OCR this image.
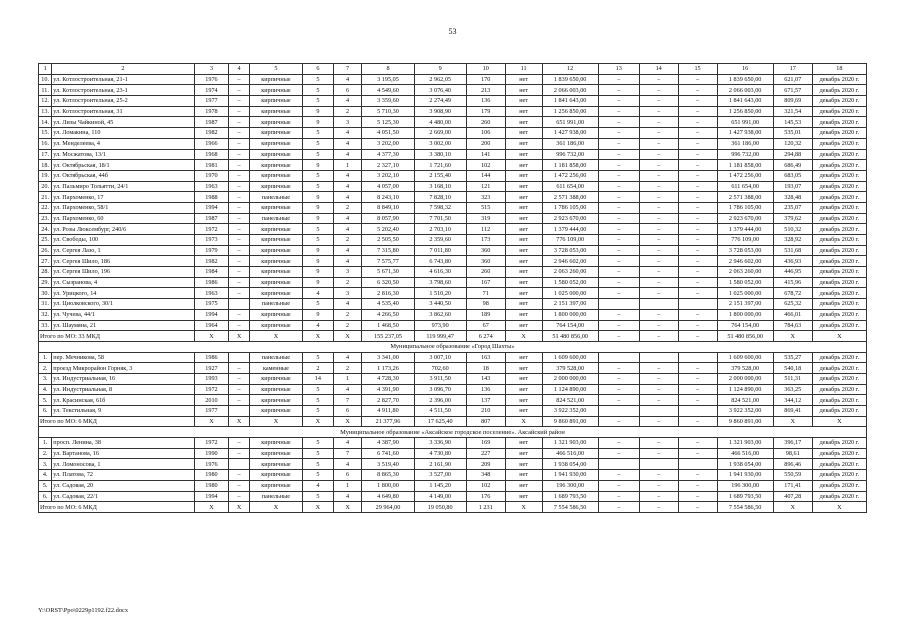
53
1	2	3	4	5	6	7	8	9	10	11	12	13	14	15	16	17	18
10.	ул. Котлостроительная, 21-1	1976	–	кирпичные	5	4	3 195,05	2 962,05	170	нет	1 839 650,00	–	–	–	1 839 650,00	621,07	декабрь 2020 г.
11.	ул. Котлостроительная, 23-1	1974	–	кирпичные	5	6	4 549,60	3 076,40	213	нет	2 066 003,00	–	–	–	2 066 003,00	671,57	декабрь 2020 г.
12.	ул. Котлостроительная, 25-2	1977	–	кирпичные	5	4	3 359,60	2 274,49	136	нет	1 841 643,00	–	–	–	1 841 643,00	809,69	декабрь 2020 г.
13.	ул. Котлостроительная, 31	1978	–	кирпичные	9	2	5 710,30	3 908,90	179	нет	1 256 850,00	–	–	–	1 256 850,00	321,54	декабрь 2020 г.
14.	ул. Лизы Чайкиной, 45	1987	–	кирпичные	9	3	5 125,30	4 480,00	260	нет	651 991,00	–	–	–	651 991,00	145,53	декабрь 2020 г.
15.	ул. Ломакина, 110	1982	–	кирпичные	5	4	4 051,50	2 669,00	106	нет	1 427 938,00	–	–	–	1 427 938,00	535,01	декабрь 2020 г.
16.	ул. Менделеева, 4	1966	–	кирпичные	5	4	3 202,00	3 002,00	200	нет	361 186,00	–	–	–	361 186,00	120,32	декабрь 2020 г.
17.	ул. Мосжатова, 13/1	1968	–	кирпичные	5	4	4 377,30	3 380,10	141	нет	996 732,00	–	–	–	996 732,00	294,88	декабрь 2020 г.
18.	ул. Октябрьская, 18/1	1981	–	кирпичные	9	1	2 327,10	1 721,60	102	нет	1 181 858,00	–	–	–	1 181 858,00	686,49	декабрь 2020 г.
19.	ул. Октябрьская, 44б	1970	–	кирпичные	5	4	3 202,10	2 155,40	144	нет	1 472 256,00	–	–	–	1 472 256,00	683,05	декабрь 2020 г.
20.	ул. Пальмиро Тольятти, 24/1	1963	–	кирпичные	5	4	4 057,00	3 168,10	121	нет	611 654,00	–	–	–	611 654,00	193,07	декабрь 2020 г.
21.	ул. Пархоменко, 17	1988	–	панельные	9	4	8 243,10	7 828,10	323	нет	2 571 388,00	–	–	–	2 571 388,00	328,48	декабрь 2020 г.
22.	ул. Пархоменко, 58/1	1994	–	кирпичные	9	2	8 849,10	7 598,32	515	нет	1 786 105,00	–	–	–	1 786 105,00	235,07	декабрь 2020 г.
23.	ул. Пархоменко, 60	1987	–	панельные	9	4	8 057,90	7 701,50	319	нет	2 923 670,00	–	–	–	2 923 670,00	379,62	декабрь 2020 г.
24.	ул. Розы Люксембург, 240/6	1972	–	кирпичные	5	4	5 202,40	2 703,10	112	нет	1 379 444,00	–	–	–	1 379 444,00	510,32	декабрь 2020 г.
25.	ул. Свободы, 100	1973	–	кирпичные	5	2	2 505,50	2 359,60	173	нет	776 109,00	–	–	–	776 109,00	328,92	декабрь 2020 г.
26.	ул. Сергея Лазо, 1	1979	–	кирпичные	9	4	7 315,80	7 011,80	360	нет	3 728 053,00	–	–	–	3 728 053,00	531,68	декабрь 2020 г.
27.	ул. Сергея Шило, 186	1982	–	кирпичные	9	4	7 575,77	6 743,80	360	нет	2 946 602,00	–	–	–	2 946 602,00	436,93	декабрь 2020 г.
28.	ул. Сергея Шило, 196	1984	–	кирпичные	9	3	5 671,30	4 616,30	260	нет	2 063 260,00	–	–	–	2 063 260,00	446,95	декабрь 2020 г.
29.	ул. Сызранова, 4	1986	–	кирпичные	9	2	6 320,50	3 798,60	167	нет	1 580 052,00	–	–	–	1 580 052,00	415,96	декабрь 2020 г.
30.	ул. Урицкого, 14	1963	–	кирпичные	4	3	2 816,30	1 510,20	71	нет	1 025 000,00	–	–	–	1 025 000,00	678,72	декабрь 2020 г.
31.	ул. Циолковского, 30/1	1975		панельные	5	4	4 535,40	3 440,50	98	нет	2 151 397,00				2 151 397,00	625,32	декабрь 2020 г.
32.	ул. Чучева, 44/1	1994	–	кирпичные	9	2	4 266,50	3 862,60	189	нет	1 800 000,00	–	–	–	1 800 000,00	466,01	декабрь 2020 г.
33.	ул. Шаумяна, 21	1964	–	кирпичные	4	2	1 468,50	973,90	67	нет	764 154,00	–	–	–	764 154,00	784,63	декабрь 2020 г.
Итого по МО: 33 МКД		X	X	X	X	X	155 237,05	119 999,47	6 274	X	51 480 856,00	–	–	–	51 480 856,00	X	X
Муниципальное образование «Город Шахты»																	
1.	пер. Мечникова, 58	1986		панельные	5	4	3 341,00	3 007,10	163	нет	1 609 600,00				1 609 600,00	535,27	декабрь 2020 г.
2.	проезд Микрорайон Горняк, 3	1927	–	каменные	2	2	1 173,26	702,60	18	нет	379 528,00	–	–	–	379 528,00	540,18	декабрь 2020 г.
3.	ул. Индустриальная, 16	1993	–	кирпичные	14	1	4 728,30	3 911,50	143	нет	2 000 000,00	–	–	–	2 000 000,00	511,31	декабрь 2020 г.
4.	ул. Индустриальная, 8	1972	–	кирпичные	5	4	4 391,90	3 096,70	136	нет	1 124 890,00	–	–	–	1 124 890,00	363,25	декабрь 2020 г.
5.	ул. Красинская, 61б	2010	–	кирпичные	5	7	2 827,70	2 396,00	137	нет	824 521,00	–	–	–	824 521,00	344,12	декабрь 2020 г.
6.	ул. Текстильная, 9	1977		кирпичные	5	6	4 911,80	4 511,50	210	нет	3 922 352,00				3 922 352,00	869,41	декабрь 2020 г.
Итого по МО: 6 МКД		X	X	X	X	X	21 377,96	17 625,40	807	X	9 860 891,00	–	–	–	9 860 891,00	X	X
Муниципальное образование «Аксайское городское поселение». Аксайский район																	
1.	просп. Ленина, 38	1972	–	кирпичные	5	4	4 387,90	3 336,90	169	нет	1 321 903,00	–	–	–	1 321 903,00	396,17	декабрь 2020 г.
2.	ул. Вартанова, 16	1990	–	кирпичные	5	7	6 741,60	4 730,80	227	нет	466 516,00	–	–	–	466 516,00	98,61	декабрь 2020 г.
3.	ул. Ломоносова, 1	1976		кирпичные	5	4	3 519,40	2 161,90	209	нет	1 938 054,00				1 938 054,00	896,46	декабрь 2020 г.
4.	ул. Платова, 72	1980	–	кирпичные	5	6	8 865,30	3 527,00	348	нет	1 941 930,00	–	–	–	1 941 930,00	550,59	декабрь 2020 г.
5.	ул. Садовая, 20	1980	–	кирпичные	4	1	1 800,00	1 145,20	102	нет	196 300,00	–	–	–	196 300,00	171,41	декабрь 2020 г.
6.	ул. Садовая, 22/1	1994	–	панельные	5	4	4 649,80	4 149,00	176	нет	1 689 793,50	–	–	–	1 689 793,50	407,28	декабрь 2020 г.
Итого по МО: 6 МКД		X	X	X	X	X	29 964,00	19 050,80	1 231	X	7 554 586,50	–	–	–	7 554 586,50	X	X
Y:\ORST\Ppo\0229p1192.f22.docx
